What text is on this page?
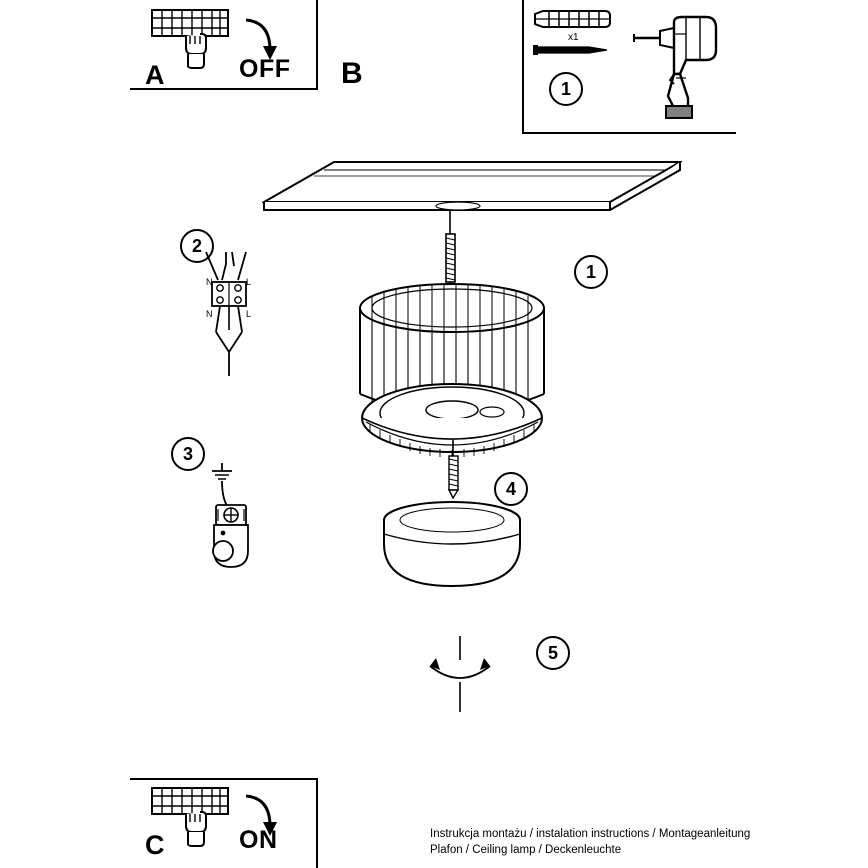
A	OFF B
x1
1
2
N	L
N	L
3
1
4
5
C	ON	Instrukcja montażu / instalation instructions / Montageanleitung
Plafon / Ceiling lamp / Deckenleuchte
